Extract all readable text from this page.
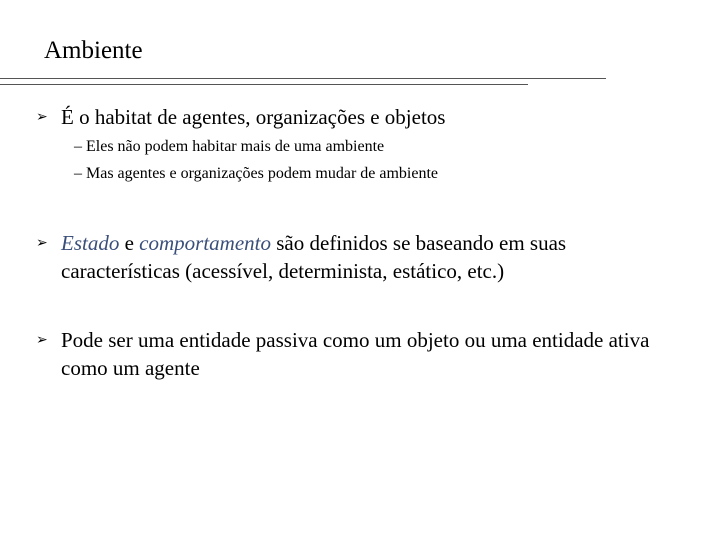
Ambiente
➢ É o habitat de agentes, organizações e objetos
– Eles não podem habitar mais de uma ambiente
– Mas agentes e organizações podem mudar de ambiente
➢ Estado e comportamento são definidos se baseando em suas características (acessível, determinista, estático, etc.)
➢ Pode ser uma entidade passiva como um objeto ou uma entidade ativa como um agente
